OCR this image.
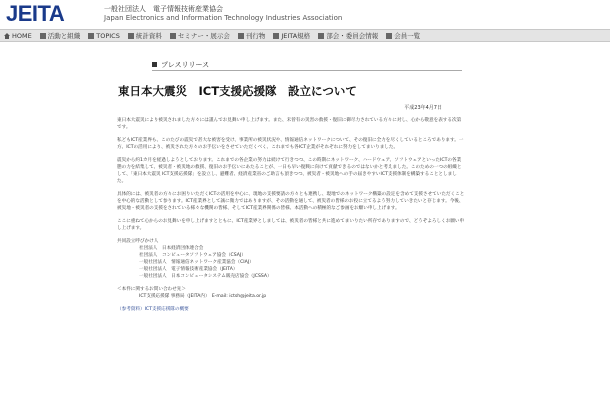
JEITA	一般社団法人　電子情報技術産業協会
Japan Electronics and Information Technology Industries Association
HOME 活動と組織 TOPICS 統計資料 セミナー・展示会 刊行物 JEITA規格 部会・委員会情報 会員一覧
プレスリリース
東日本大震災　ICT支援応援隊　設立について
平成23年4月7日

東日本大震災により被災されました方々には謹んでお見舞い申し上げます。また、未曾有の災害の救援・復旧に御尽力されている方々に対し、心から敬意を表する次第です。

私どもICT産業界も、このたびの震災で甚大な被害を受け、事業所の被災状況や、情報通信ネットワークについて、その復旧に全力を尽くしているところであります。一方、ICTの活用により、被災された方々のお手伝いをさせていただくべく、これまでも各ICT企業がそれぞれに努力をしてまいりました。

震災から約1カ月を経過しようとしております。これまでの各企業の努力は続けて行きつつ、この時期にネットワーク、ハードウェア、ソフトウェアといったICTの各業態の力を結集して、被災者・被災地の救援、復旧のお手伝いにあたることが、一日も早い復興に向けて貢献できるのではないかと考えました。このための一つの組織として、「東日本大震災 ICT支援応援隊」を設立し、避難者、経済産業省のご助言も頂きつつ、被災者・被災地への手の届きやすいICT支援体制を構築することとしました。

具体的には、被災者の方々にお困りいただくICTの活用を中心に、現地の支援要請の方々とも連携し、現地でのネットワーク構築の設定を含めて支援させていただくことを中心的な活動として参ります。ICT産業界として誠に微力ではありますが、その活動を通して、被災者の皆様のお役に立てるよう努力していきたいと存じます。今後、被災地・被災者の支援をされている様々な機関の皆様、そしてICT産業界関係の皆様、本活動への積極的なご参画をお願い申し上げます。

ここに重ねて心からのお見舞いを申し上げますとともに、ICT産業界としましては、被災者の皆様と共に進めてまいりたい所存でありますので、どうぞよろしくお願い申し上げます。

共同設立呼びかけ人
社団法人　日本経済団体連合会
社団法人　コンピュータソフトウェア協会（CSAJ）
一般社団法人　情報通信ネットワーク産業協会（CIAJ）
一般社団法人　電子情報技術産業協会（JEITA）
一般社団法人　日本コンピュータシステム販売店協会（JCSSA）
＜本件に関するお問い合わせ先＞
ICT支援応援隊 事務局（JEITA内）　E-mail: ictsh@jeita.or.jp
（参考資料）ICT支援応援隊の概要
